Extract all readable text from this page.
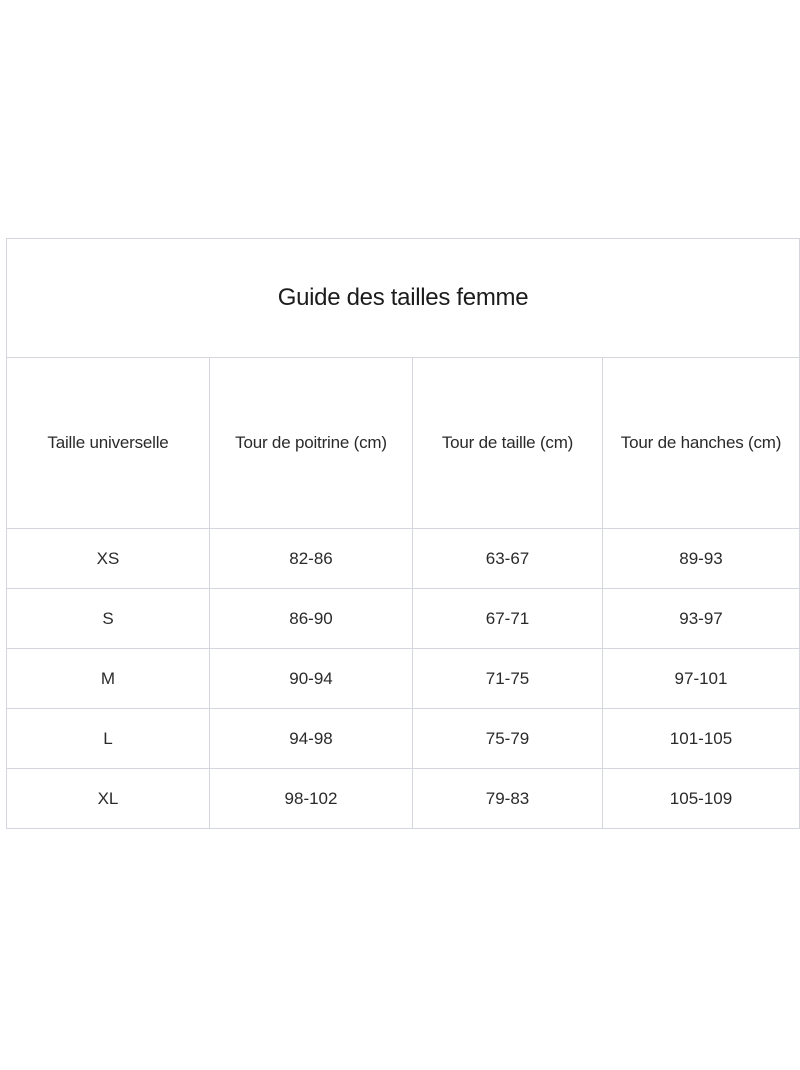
Guide des tailles femme			
Taille universelle	Tour de poitrine (cm)	Tour de taille (cm)	Tour de hanches (cm)
XS	82-86	63-67	89-93
S	86-90	67-71	93-97
M	90-94	71-75	97-101
L	94-98	75-79	101-105
XL	98-102	79-83	105-109
